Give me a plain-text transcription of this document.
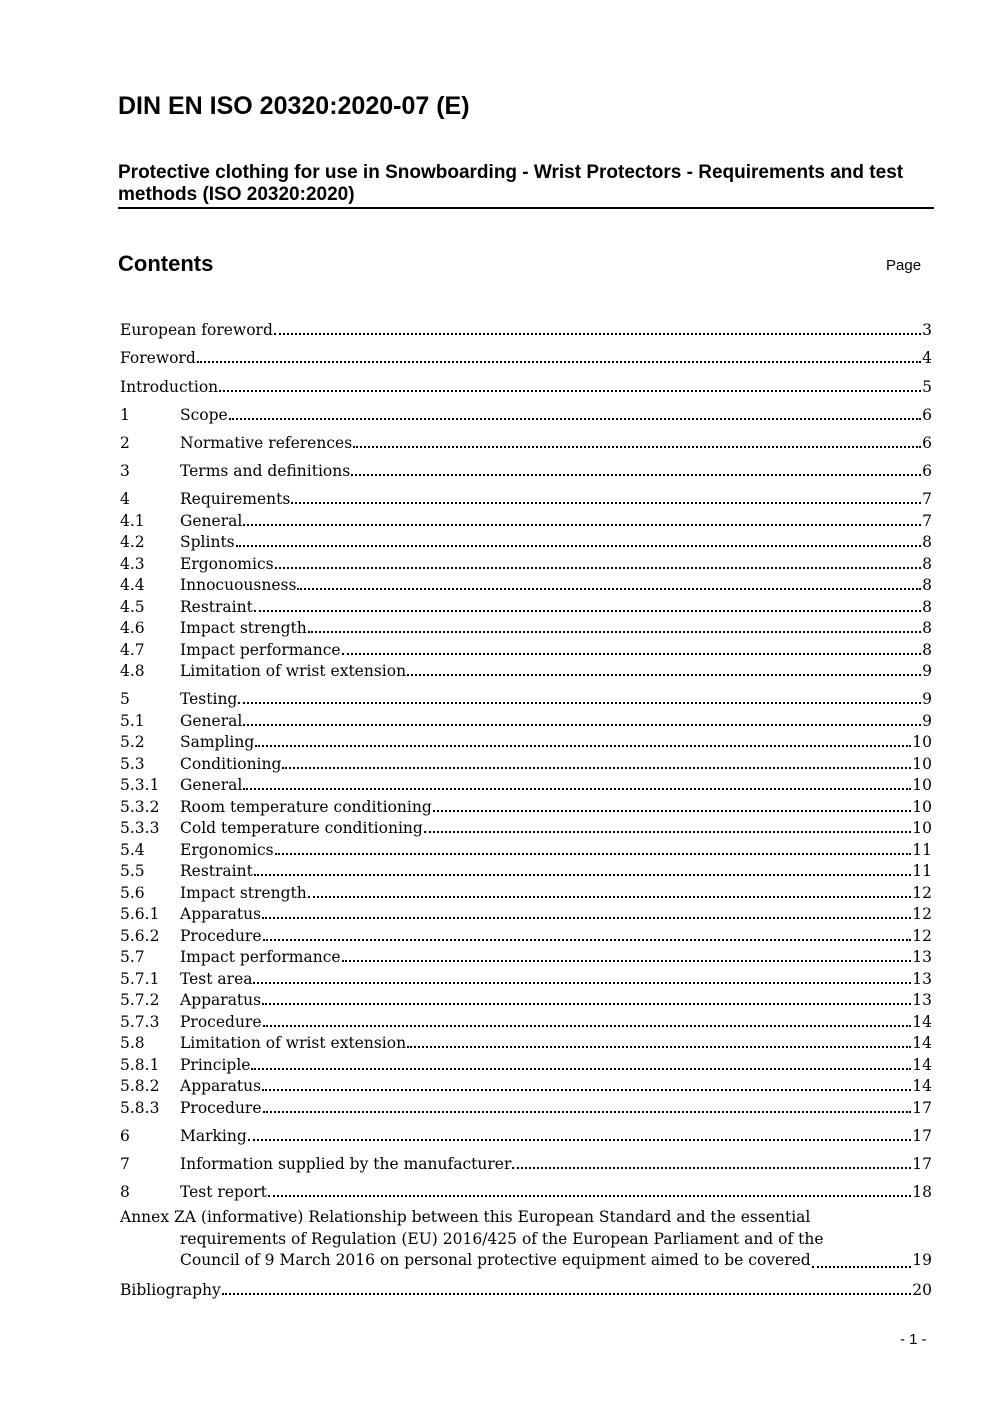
DIN EN ISO 20320:2020-07 (E)
Protective clothing for use in Snowboarding - Wrist Protectors - Requirements and test methods (ISO 20320:2020)
Contents	Page
European foreword	3
Foreword	4
Introduction	5
1	Scope	6
2	Normative references	6
3	Terms and definitions	6
4	Requirements	7
4.1	General	7
4.2	Splints	8
4.3	Ergonomics	8
4.4	Innocuousness	8
4.5	Restraint	8
4.6	Impact strength	8
4.7	Impact performance	8
4.8	Limitation of wrist extension	9
5	Testing	9
5.1	General	9
5.2	Sampling	10
5.3	Conditioning	10
5.3.1	General	10
5.3.2	Room temperature conditioning	10
5.3.3	Cold temperature conditioning	10
5.4	Ergonomics	11
5.5	Restraint	11
5.6	Impact strength	12
5.6.1	Apparatus	12
5.6.2	Procedure	12
5.7	Impact performance	13
5.7.1	Test area	13
5.7.2	Apparatus	13
5.7.3	Procedure	14
5.8	Limitation of wrist extension	14
5.8.1	Principle	14
5.8.2	Apparatus	14
5.8.3	Procedure	17
6	Marking	17
7	Information supplied by the manufacturer	17
8	Test report	18
Annex ZA (informative) Relationship between this European Standard and the essential
requirements of Regulation (EU) 2016/425 of the European Parliament and of the
Council of 9 March 2016 on personal protective equipment aimed to be covered	19
Bibliography	20
- 1 -
